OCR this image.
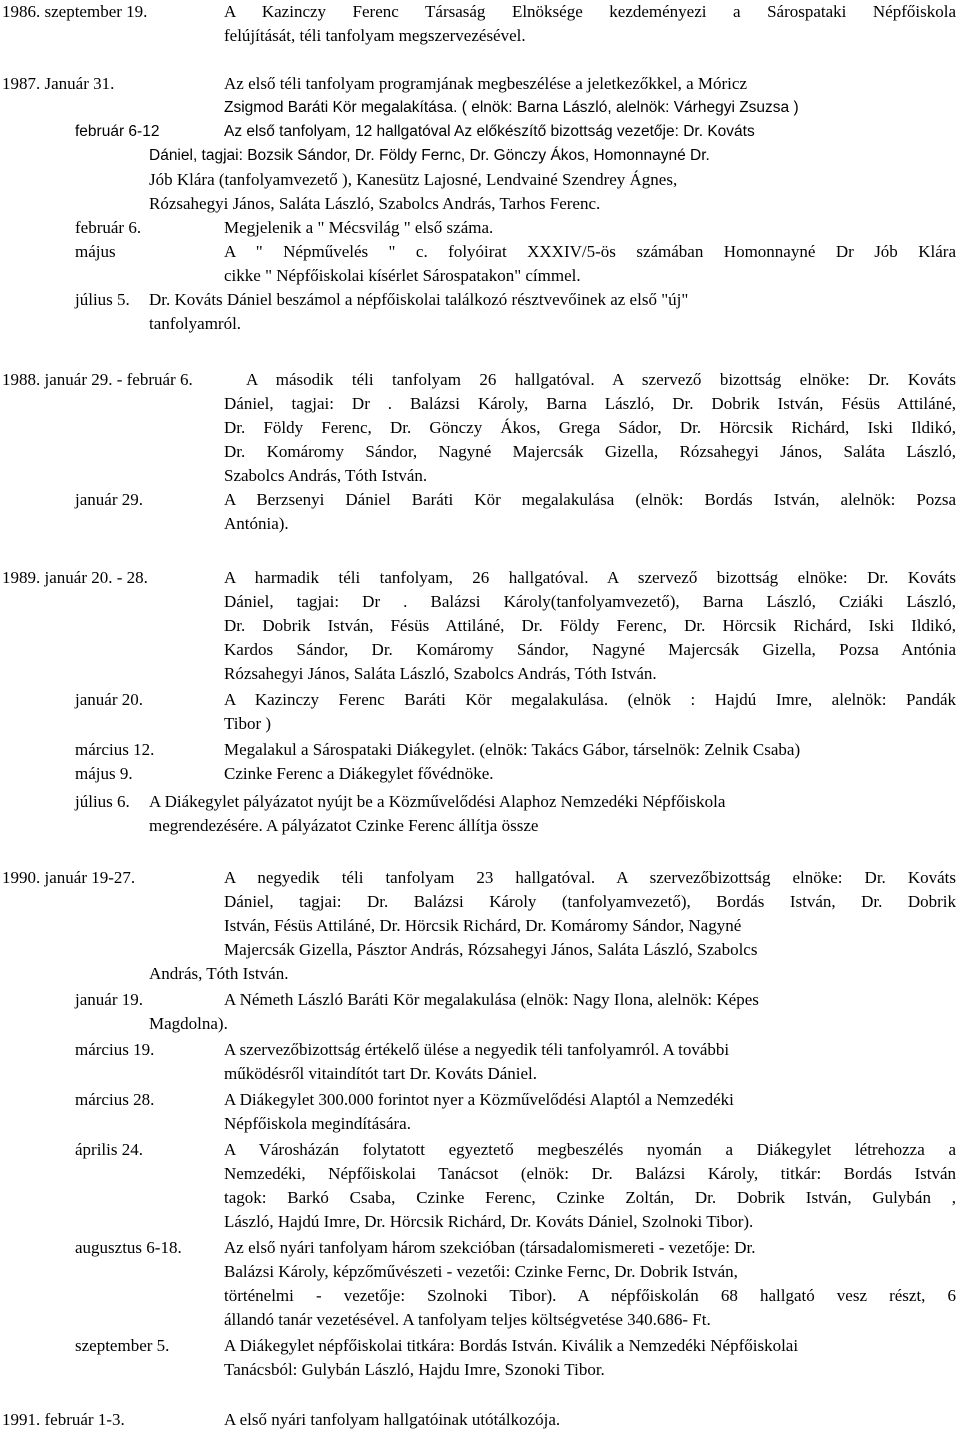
1986. szeptember 19.	A Kazinczy Ferenc Társaság Elnöksége kezdeményezi a Sárospataki Népfőiskola
felújítását, téli tanfolyam megszervezésével.
1987. Január 31.	Az első téli tanfolyam programjának megbeszélése a jeletkezőkkel, a Móricz
Zsigmod Baráti Kör megalakítása. ( elnök: Barna László, alelnök: Várhegyi Zsuzsa )
február 6-12	Az első tanfolyam, 12 hallgatóval Az előkészítő bizottság vezetője: Dr. Kováts
Dániel, tagjai: Bozsik Sándor, Dr. Földy Fernc, Dr. Gönczy Ákos, Homonnayné Dr.
Jób Klára (tanfolyamvezető ), Kanesütz Lajosné, Lendvainé Szendrey Ágnes,
Rózsahegyi János, Saláta László, Szabolcs András, Tarhos Ferenc.
február 6.	Megjelenik a " Mécsvilág " első száma.
május	A " Népművelés " c. folyóirat XXXIV/5-ös számában Homonnayné Dr Jób Klára
cikke " Népfőiskolai kísérlet Sárospatakon" címmel.
július 5. Dr. Kováts Dániel beszámol a népfőiskolai találkozó résztvevőinek az első "új"
tanfolyamról.
1988. január 29. - február 6.	A második téli tanfolyam 26 hallgatóval. A szervező bizottság elnöke: Dr. Kováts
Dániel, tagjai: Dr . Balázsi Károly, Barna László, Dr. Dobrik István, Fésüs Attiláné,
Dr. Földy Ferenc, Dr. Gönczy Ákos, Grega Sádor, Dr. Hörcsik Richárd, Iski Ildikó,
Dr. Komáromy Sándor, Nagyné Majercsák Gizella, Rózsahegyi János, Saláta László,
Szabolcs András, Tóth István.
január 29.	A Berzsenyi Dániel Baráti Kör megalakulása (elnök: Bordás István, alelnök: Pozsa
Antónia).
1989. január 20. - 28.	A harmadik téli tanfolyam, 26 hallgatóval. A szervező bizottság elnöke: Dr. Kováts
Dániel, tagjai: Dr . Balázsi Károly(tanfolyamvezető), Barna László, Cziáki László,
Dr. Dobrik István, Fésüs Attiláné, Dr. Földy Ferenc, Dr. Hörcsik Richárd, Iski Ildikó,
Kardos Sándor, Dr. Komáromy Sándor, Nagyné Majercsák Gizella, Pozsa Antónia
Rózsahegyi János, Saláta László, Szabolcs András, Tóth István.
január 20.	A Kazinczy Ferenc Baráti Kör megalakulása. (elnök : Hajdú Imre, alelnök: Pandák
Tibor )
március 12.	Megalakul a Sárospataki Diákegylet. (elnök: Takács Gábor, társelnök: Zelnik Csaba)
május 9.	Czinke Ferenc a Diákegylet fővédnöke.
július 6. A Diákegylet pályázatot nyújt be a Közművelődési Alaphoz Nemzedéki Népfőiskola
megrendezésére. A pályázatot Czinke Ferenc állítja össze
1990. január 19-27.	A negyedik téli tanfolyam 23 hallgatóval. A szervezőbizottság elnöke: Dr. Kováts
Dániel, tagjai: Dr. Balázsi Károly (tanfolyamvezető), Bordás István, Dr. Dobrik
István, Fésüs Attiláné, Dr. Hörcsik Richárd, Dr. Komáromy Sándor, Nagyné
Majercsák Gizella, Pásztor András, Rózsahegyi János, Saláta László, Szabolcs
András, Tóth István.
január 19.	A Németh László Baráti Kör megalakulása (elnök: Nagy Ilona, alelnök: Képes
Magdolna).
március 19.	A szervezőbizottság értékelő ülése a negyedik téli tanfolyamról. A további
működésről vitaindítót tart Dr. Kováts Dániel.
március 28.	A Diákegylet 300.000 forintot nyer a Közművelődési Alaptól a Nemzedéki
Népfőiskola megindítására.
április 24.	A Városházán folytatott egyeztető megbeszélés nyomán a Diákegylet létrehozza a
Nemzedéki, Népfőiskolai Tanácsot (elnök: Dr. Balázsi Károly, titkár: Bordás István
tagok: Barkó Csaba, Czinke Ferenc, Czinke Zoltán, Dr. Dobrik István, Gulybán ,
László, Hajdú Imre, Dr. Hörcsik Richárd, Dr. Kováts Dániel, Szolnoki Tibor).
augusztus 6-18. Az első nyári tanfolyam három szekcióban (társadalomismereti - vezetője: Dr.
Balázsi Károly, képzőművészeti - vezetői: Czinke Fernc, Dr. Dobrik István,
történelmi - vezetője: Szolnoki Tibor). A népfőiskolán 68 hallgató vesz részt, 6
állandó tanár vezetésével. A tanfolyam teljes költségvetése 340.686- Ft.
szeptember 5.	A Diákegylet népfőiskolai titkára: Bordás István. Kiválik a Nemzedéki Népfőiskolai
Tanácsból: Gulybán László, Hajdu Imre, Szonoki Tibor.
1991. február 1-3.	A első nyári tanfolyam hallgatóinak utótálkozója.
